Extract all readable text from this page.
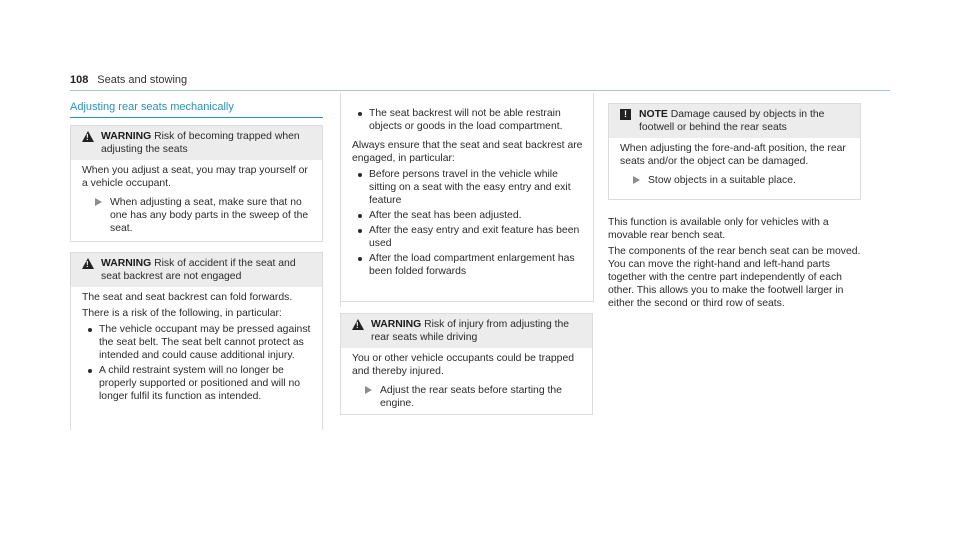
108 Seats and stowing
Adjusting rear seats mechanically
! WARNING Risk of becoming trapped when adjusting the seats

When you adjust a seat, you may trap yourself or a vehicle occupant.

When adjusting a seat, make sure that no one has any body parts in the sweep of the seat.
! WARNING Risk of accident if the seat and seat backrest are not engaged

The seat and seat backrest can fold forwards.

There is a risk of the following, in particular:

The vehicle occupant may be pressed against the seat belt. The seat belt cannot protect as intended and could cause additional injury.
A child restraint system will no longer be properly supported or positioned and will no longer fulfil its function as intended.
The seat backrest will not be able restrain objects or goods in the load compartment.

Always ensure that the seat and seat backrest are engaged, in particular:

Before persons travel in the vehicle while sitting on a seat with the easy entry and exit feature
After the seat has been adjusted.
After the easy entry and exit feature has been used
After the load compartment enlargement has been folded forwards
! WARNING Risk of injury from adjusting the rear seats while driving

You or other vehicle occupants could be trapped and thereby injured.

Adjust the rear seats before starting the engine.
!	NOTE Damage caused by objects in the footwell or behind the rear seats

When adjusting the fore-and-aft position, the rear seats and/or the object can be damaged.

Stow objects in a suitable place.

This function is available only for vehicles with a movable rear bench seat.

The components of the rear bench seat can be moved. You can move the right-hand and left-hand parts together with the centre part independently of each other. This allows you to make the footwell larger in either the second or third row of seats.
